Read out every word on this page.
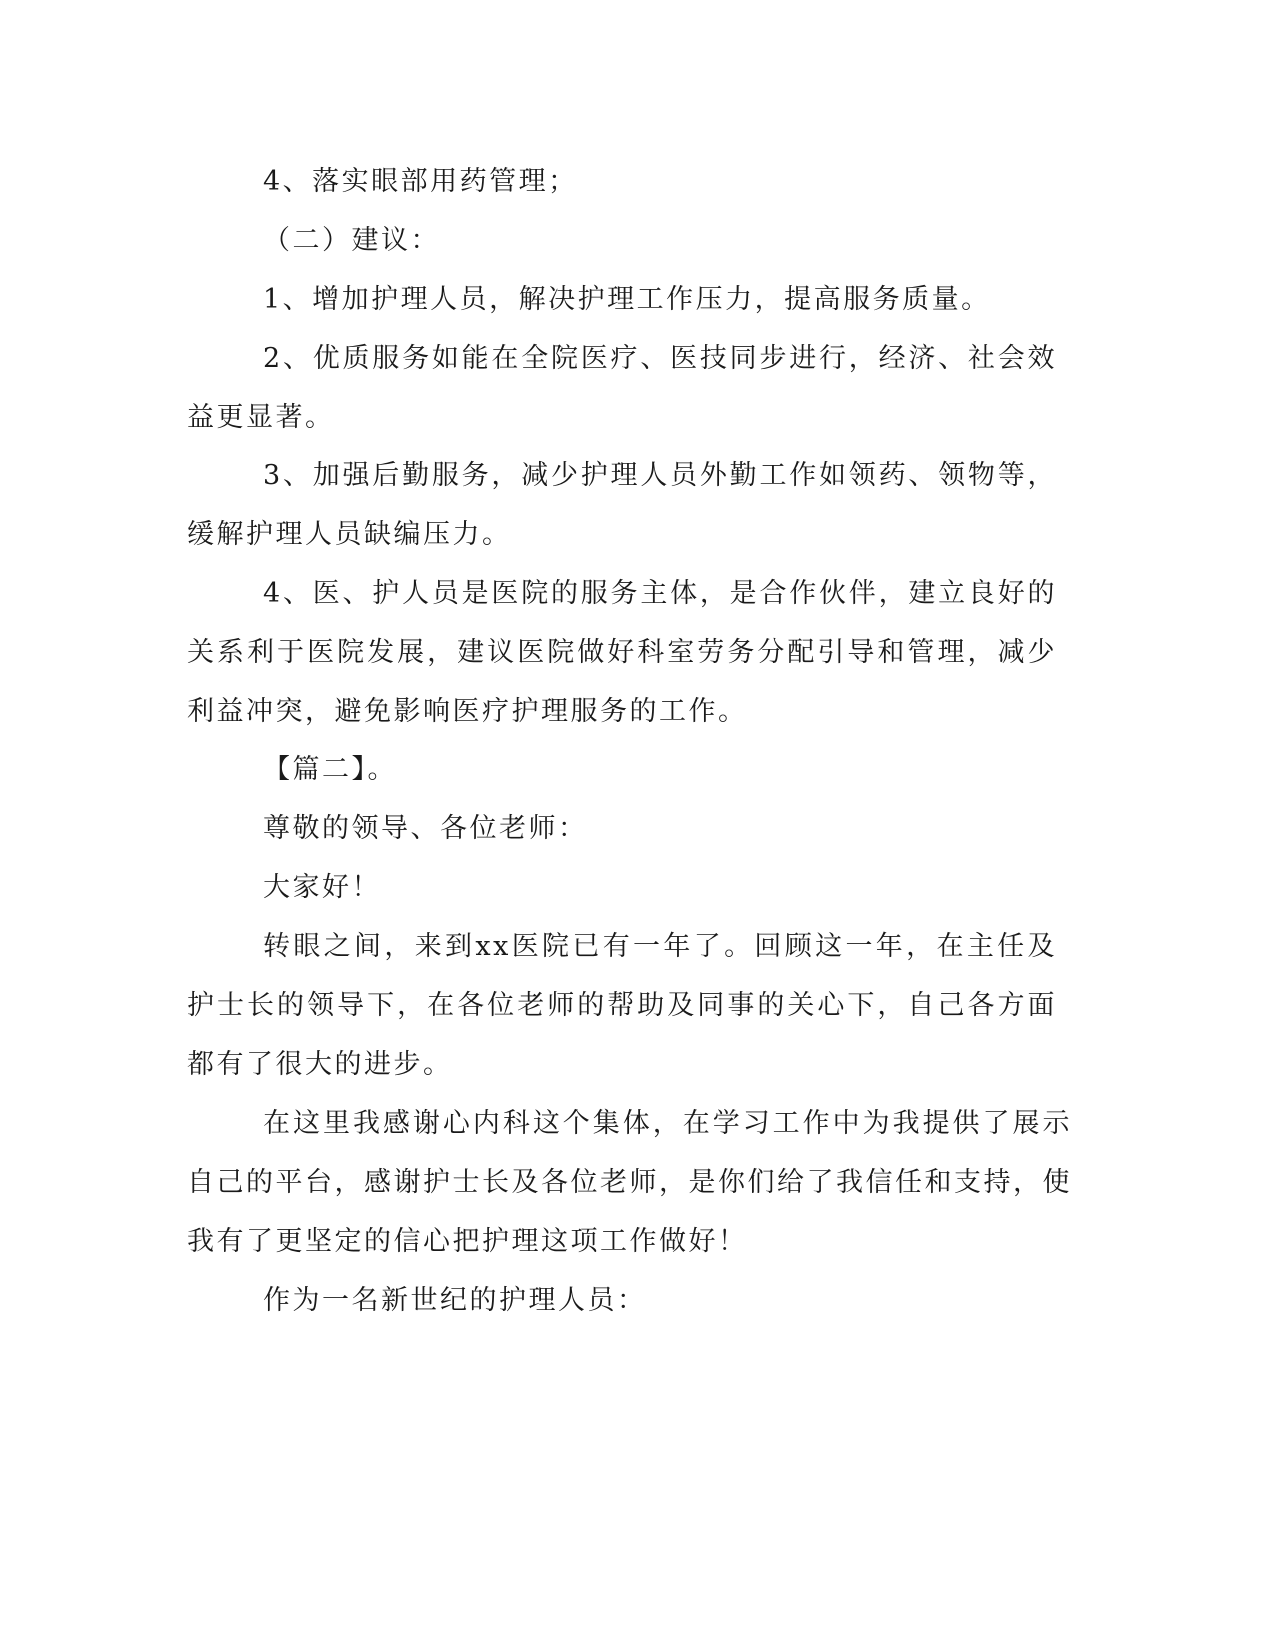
4、落实眼部用药管理；

（二）建议：

1、增加护理人员，解决护理工作压力，提高服务质量。

2、优质服务如能在全院医疗、医技同步进行，经济、社会效益更显著。

3、加强后勤服务，减少护理人员外勤工作如领药、领物等，缓解护理人员缺编压力。

4、医、护人员是医院的服务主体，是合作伙伴，建立良好的关系利于医院发展，建议医院做好科室劳务分配引导和管理，减少利益冲突，避免影响医疗护理服务的工作。

【篇二】。

尊敬的领导、各位老师：

大家好！

转眼之间，来到xx医院已有一年了。回顾这一年，在主任及护士长的领导下，在各位老师的帮助及同事的关心下，自己各方面都有了很大的进步。

在这里我感谢心内科这个集体，在学习工作中为我提供了展示自己的平台，感谢护士长及各位老师，是你们给了我信任和支持，使我有了更坚定的信心把护理这项工作做好！

作为一名新世纪的护理人员：
